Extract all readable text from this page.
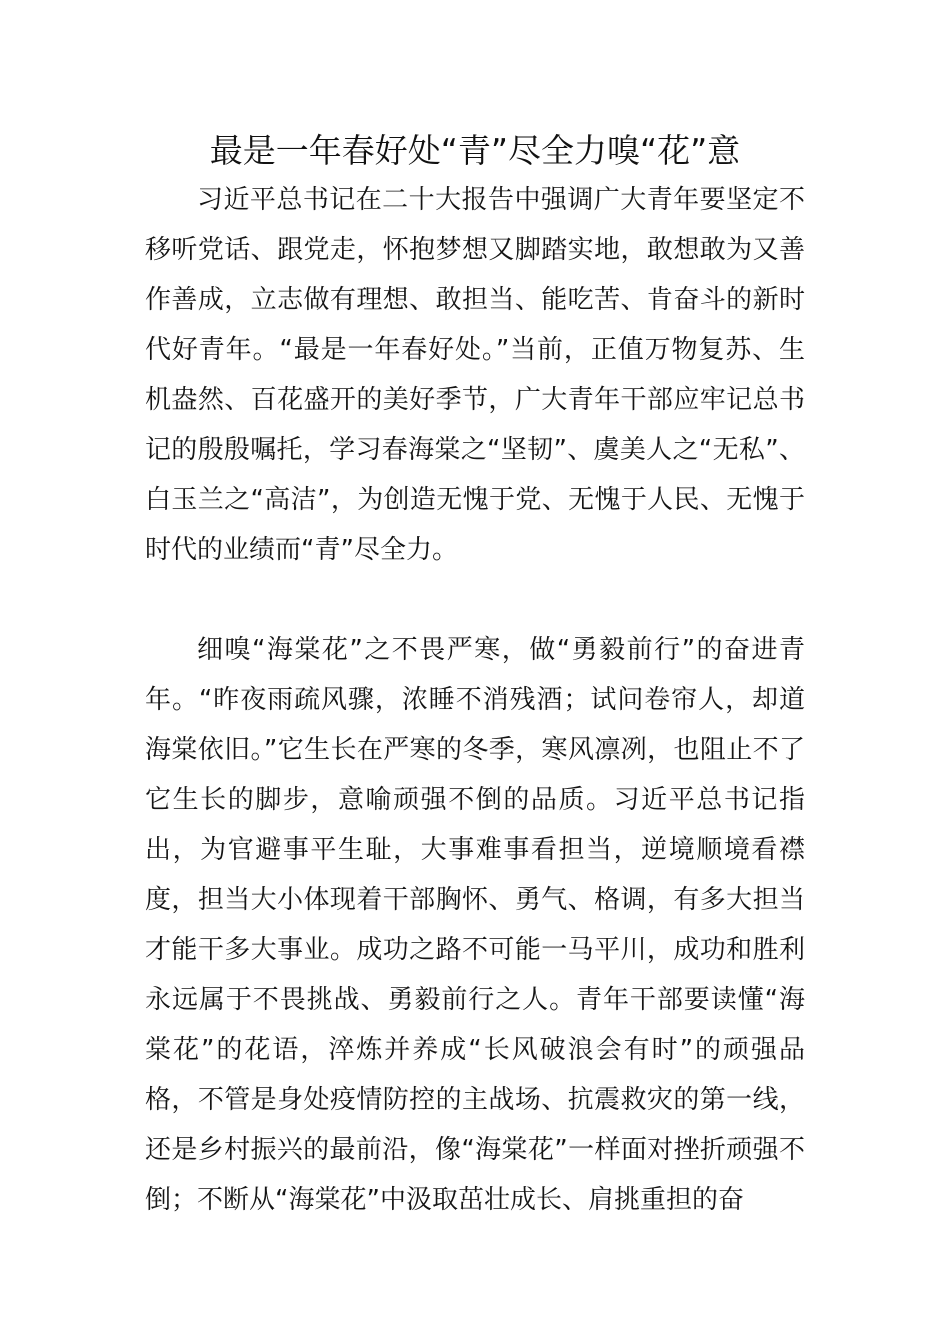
最是一年春好处“青”尽全力嗅“花”意

习近平总书记在二十大报告中强调广大青年要坚定不移听党话、跟党走，怀抱梦想又脚踏实地，敢想敢为又善作善成，立志做有理想、敢担当、能吃苦、肯奋斗的新时代好青年。“最是一年春好处。”当前，正值万物复苏、生机盎然、百花盛开的美好季节，广大青年干部应牢记总书记的殷殷嘱托，学习春海棠之“坚韧”、虞美人之“无私”、白玉兰之“高洁”，为创造无愧于党、无愧于人民、无愧于时代的业绩而“青”尽全力。

细嗅“海棠花”之不畏严寒，做“勇毅前行”的奋进青年。“昨夜雨疏风骤，浓睡不消残酒；试问卷帘人，却道海棠依旧。”它生长在严寒的冬季，寒风凛冽，也阻止不了它生长的脚步，意喻顽强不倒的品质。习近平总书记指出，为官避事平生耻，大事难事看担当，逆境顺境看襟度，担当大小体现着干部胸怀、勇气、格调，有多大担当才能干多大事业。成功之路不可能一马平川，成功和胜利永远属于不畏挑战、勇毅前行之人。青年干部要读懂“海棠花”的花语，淬炼并养成“长风破浪会有时”的顽强品格，不管是身处疫情防控的主战场、抗震救灾的第一线，还是乡村振兴的最前沿，像“海棠花”一样面对挫折顽强不倒；不断从“海棠花”中汲取茁壮成长、肩挑重担的奋
